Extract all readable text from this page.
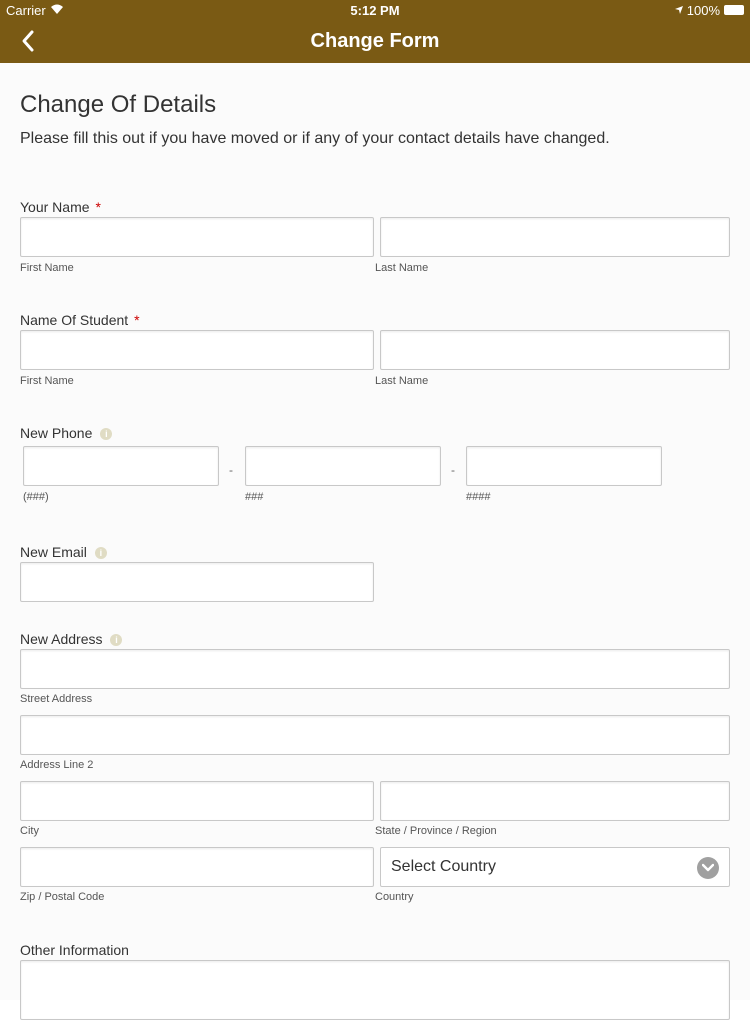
Carrier	5:12 PM	100%
Change Form
Change Of Details
Please fill this out if you have moved or if any of your contact details have changed.
Your Name *
First Name	Last Name
Name Of Student *
First Name	Last Name
New Phone i
-	-
(###)	###	####
New Email i
New Address i
Street Address
Address Line 2
City	State / Province / Region
Select Country
Zip / Postal Code	Country
Other Information
